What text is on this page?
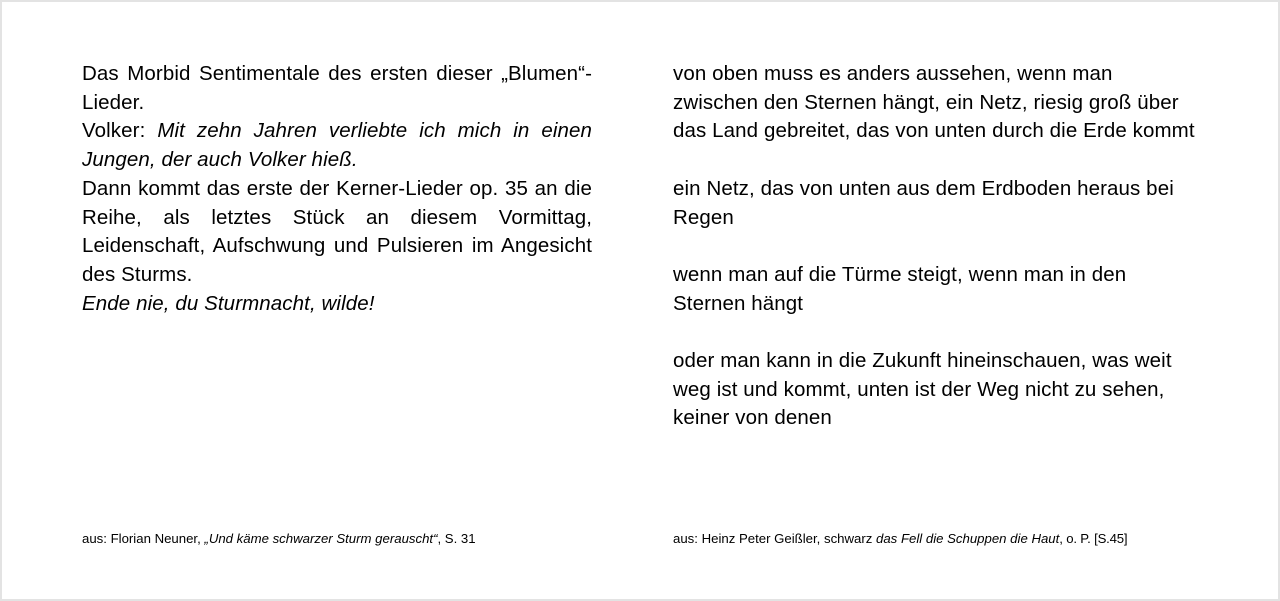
Das Morbid Sentimentale des ersten dieser „Blumen“-Lieder.

Volker: Mit zehn Jahren verliebte ich mich in einen Jungen, der auch Volker hieß.

Dann kommt das erste der Kerner-Lieder op. 35 an die Reihe, als letztes Stück an diesem Vormittag, Leidenschaft, Aufschwung und Pulsieren im Angesicht des Sturms.

Ende nie, du Sturmnacht, wilde!

von oben muss es anders aussehen, wenn man zwischen den Sternen hängt, ein Netz, riesig groß über das Land gebreitet, das von unten durch die Erde kommt

ein Netz, das von unten aus dem Erdboden heraus bei Regen

wenn man auf die Türme steigt, wenn man in den Sternen hängt

oder man kann in die Zukunft hineinschauen, was weit weg ist und kommt, unten ist der Weg nicht zu sehen, keiner von denen

aus: Florian Neuner, „Und käme schwarzer Sturm gerauscht“, S. 31	aus: Heinz Peter Geißler, schwarz das Fell die Schuppen die Haut, o. P. [S.45]
